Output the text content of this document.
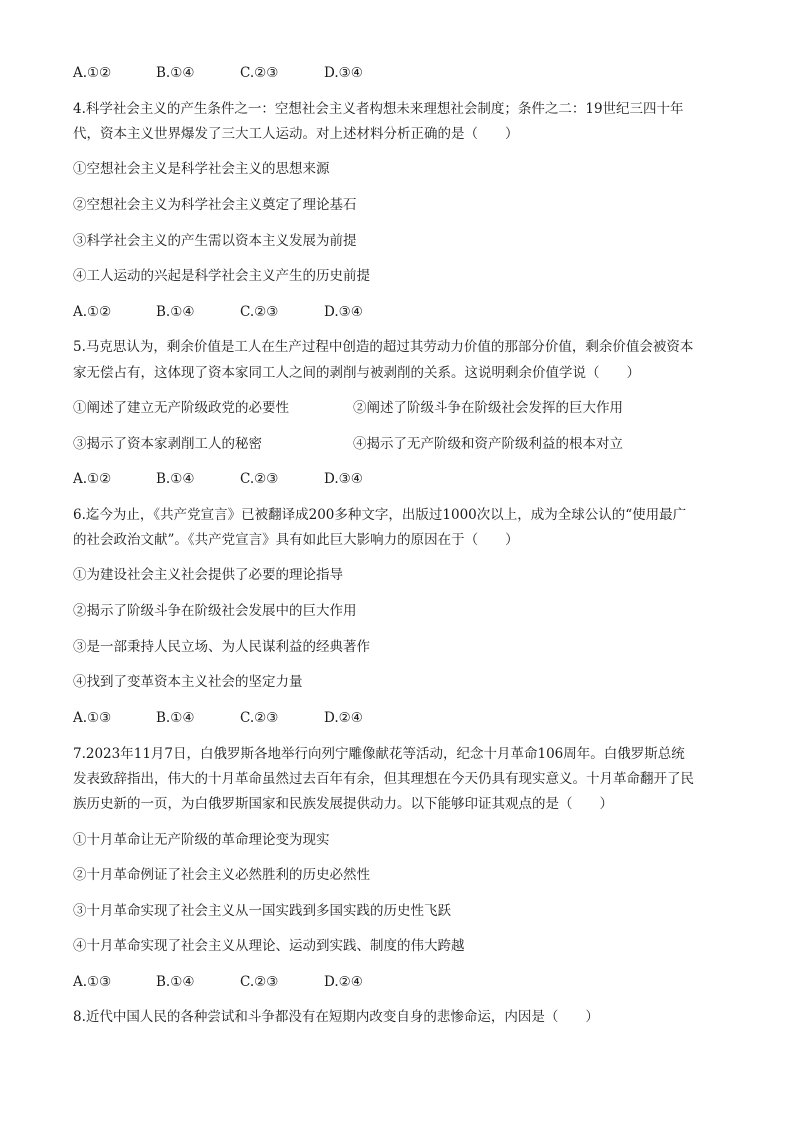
A.①②	B.①④	C.②③	D.③④
4.科学社会主义的产生条件之一：空想社会主义者构想未来理想社会制度；条件之二：19世纪三四十年
代，资本主义世界爆发了三大工人运动。对上述材料分析正确的是（　　）
①空想社会主义是科学社会主义的思想来源
②空想社会主义为科学社会主义奠定了理论基石
③科学社会主义的产生需以资本主义发展为前提
④工人运动的兴起是科学社会主义产生的历史前提
A.①②	B.①④	C.②③	D.③④
5.马克思认为，剩余价值是工人在生产过程中创造的超过其劳动力价值的那部分价值，剩余价值会被资本
家无偿占有，这体现了资本家同工人之间的剥削与被剥削的关系。这说明剩余价值学说（　　）
①阐述了建立无产阶级政党的必要性	②阐述了阶级斗争在阶级社会发挥的巨大作用
③揭示了资本家剥削工人的秘密	④揭示了无产阶级和资产阶级利益的根本对立
A.①②	B.①④	C.②③	D.③④
6.迄今为止，《共产党宣言》已被翻译成200多种文字，出版过1000次以上，成为全球公认的“使用最广
的社会政治文献”。《共产党宣言》具有如此巨大影响力的原因在于（　　）
①为建设社会主义社会提供了必要的理论指导
②揭示了阶级斗争在阶级社会发展中的巨大作用
③是一部秉持人民立场、为人民谋利益的经典著作
④找到了变革资本主义社会的坚定力量
A.①③	B.①④	C.②③	D.②④
7.2023年11月7日，白俄罗斯各地举行向列宁雕像献花等活动，纪念十月革命106周年。白俄罗斯总统
发表致辞指出，伟大的十月革命虽然过去百年有余，但其理想在今天仍具有现实意义。十月革命翻开了民
族历史新的一页，为白俄罗斯国家和民族发展提供动力。以下能够印证其观点的是（　　）
①十月革命让无产阶级的革命理论变为现实
②十月革命例证了社会主义必然胜利的历史必然性
③十月革命实现了社会主义从一国实践到多国实践的历史性飞跃
④十月革命实现了社会主义从理论、运动到实践、制度的伟大跨越
A.①③	B.①④	C.②③	D.②④
8.近代中国人民的各种尝试和斗争都没有在短期内改变自身的悲惨命运，内因是（　　）
